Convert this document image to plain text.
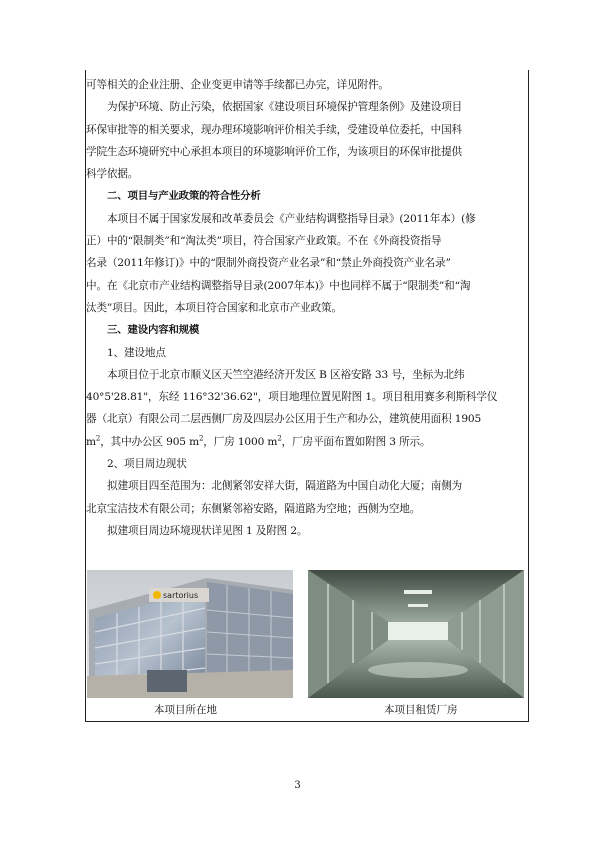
可等相关的企业注册、企业变更申请等手续都已办完，详见附件。

为保护环境、防止污染，依据国家《建设项目环境保护管理条例》及建设项目
环保审批等的相关要求，现办理环境影响评价相关手续，受建设单位委托，中国科
学院生态环境研究中心承担本项目的环境影响评价工作，为该项目的环保审批提供
科学依据。

二、项目与产业政策的符合性分析

本项目不属于国家发展和改革委员会《产业结构调整指导目录》(2011年本）(修
正）中的“限制类”和“淘汰类”项目，符合国家产业政策。不在《外商投资指导
名录（2011年修订)》中的“限制外商投资产业名录”和“禁止外商投资产业名录”
中。在《北京市产业结构调整指导目录(2007年本)》中也同样不属于“限制类”和“淘
汰类”项目。因此，本项目符合国家和北京市产业政策。

三、建设内容和规模

1、建设地点

本项目位于北京市顺义区天竺空港经济开发区 B 区裕安路 33 号，坐标为北纬
40°5'28.81"，东经 116°32'36.62"，项目地理位置见附图 1。项目租用赛多利斯科学仪
器（北京）有限公司二层西侧厂房及四层办公区用于生产和办公，建筑使用面积 1905
$m^2$，其中办公区 905 $m^2$，厂房 1000 $m^2$，厂房平面布置如附图 3 所示。

2、项目周边现状

拟建项目四至范围为：北侧紧邻安祥大街，隔道路为中国自动化大厦；南侧为
北京宝洁技术有限公司；东侧紧邻裕安路，隔道路为空地；西侧为空地。

拟建项目周边环境现状详见图 1 及附图 2。

sartorius
本项目所在地	本项目租赁厂房
3
